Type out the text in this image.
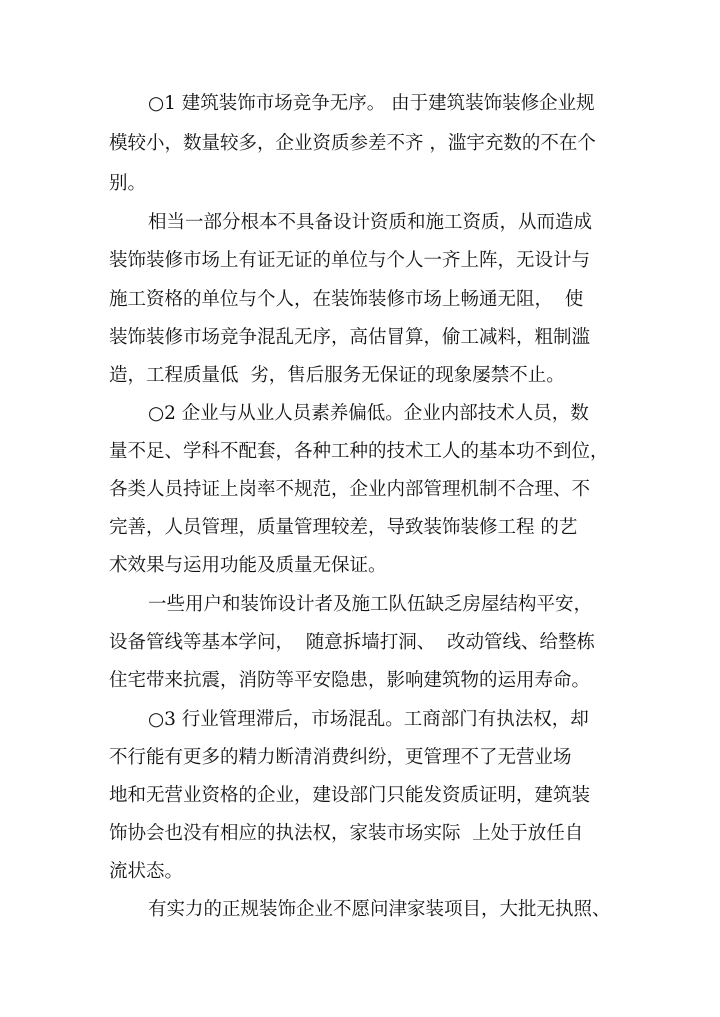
○1 建筑装饰市场竞争无序。 由于建筑装饰装修企业规
模较小，数量较多，企业资质参差不齐 ，滥宇充数的不在个
别。
相当一部分根本不具备设计资质和施工资质，从而造成
装饰装修市场上有证无证的单位与个人一齐上阵，无设计与
施工资格的单位与个人，在装饰装修市场上畅通无阻，  使
装饰装修市场竞争混乱无序，高估冒算，偷工减料，粗制滥
造，工程质量低  劣，售后服务无保证的现象屡禁不止。
○2 企业与从业人员素养偏低。企业内部技术人员，数
量不足、学科不配套，各种工种的技术工人的基本功不到位，
各类人员持证上岗率不规范，企业内部管理机制不合理、不
完善，人员管理，质量管理较差，导致装饰装修工程 的艺
术效果与运用功能及质量无保证。
一些用户和装饰设计者及施工队伍缺乏房屋结构平安，
设备管线等基本学问，  随意拆墙打洞、  改动管线、给整栋
住宅带来抗震，消防等平安隐患，影响建筑物的运用寿命。
○3 行业管理滞后，市场混乱。工商部门有执法权，却
不行能有更多的精力断清消费纠纷，更管理不了无营业场
地和无营业资格的企业，建设部门只能发资质证明，建筑装
饰协会也没有相应的执法权，家装市场实际  上处于放任自
流状态。
有实力的正规装饰企业不愿问津家装项目，大批无执照、
